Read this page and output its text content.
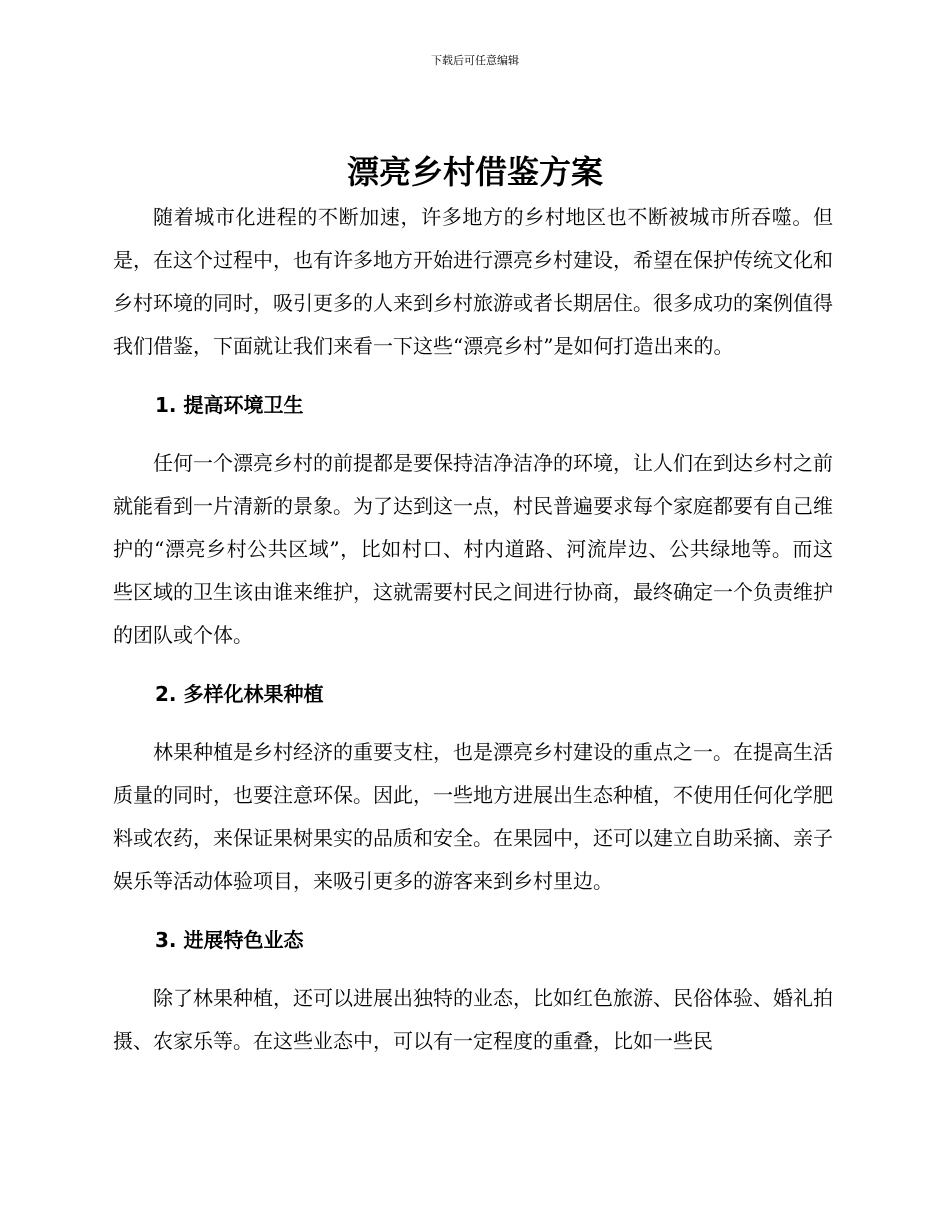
下载后可任意编辑
漂亮乡村借鉴方案

随着城市化进程的不断加速，许多地方的乡村地区也不断被城市所吞噬。但是，在这个过程中，也有许多地方开始进行漂亮乡村建设，希望在保护传统文化和乡村环境的同时，吸引更多的人来到乡村旅游或者长期居住。很多成功的案例值得我们借鉴，下面就让我们来看一下这些“漂亮乡村”是如何打造出来的。

1. 提高环境卫生

任何一个漂亮乡村的前提都是要保持洁净洁净的环境，让人们在到达乡村之前就能看到一片清新的景象。为了达到这一点，村民普遍要求每个家庭都要有自己维护的“漂亮乡村公共区域”，比如村口、村内道路、河流岸边、公共绿地等。而这些区域的卫生该由谁来维护，这就需要村民之间进行协商，最终确定一个负责维护的团队或个体。

2. 多样化林果种植

林果种植是乡村经济的重要支柱，也是漂亮乡村建设的重点之一。在提高生活质量的同时，也要注意环保。因此，一些地方进展出生态种植，不使用任何化学肥料或农药，来保证果树果实的品质和安全。在果园中，还可以建立自助采摘、亲子娱乐等活动体验项目，来吸引更多的游客来到乡村里边。

3. 进展特色业态

除了林果种植，还可以进展出独特的业态，比如红色旅游、民俗体验、婚礼拍摄、农家乐等。在这些业态中，可以有一定程度的重叠，比如一些民
